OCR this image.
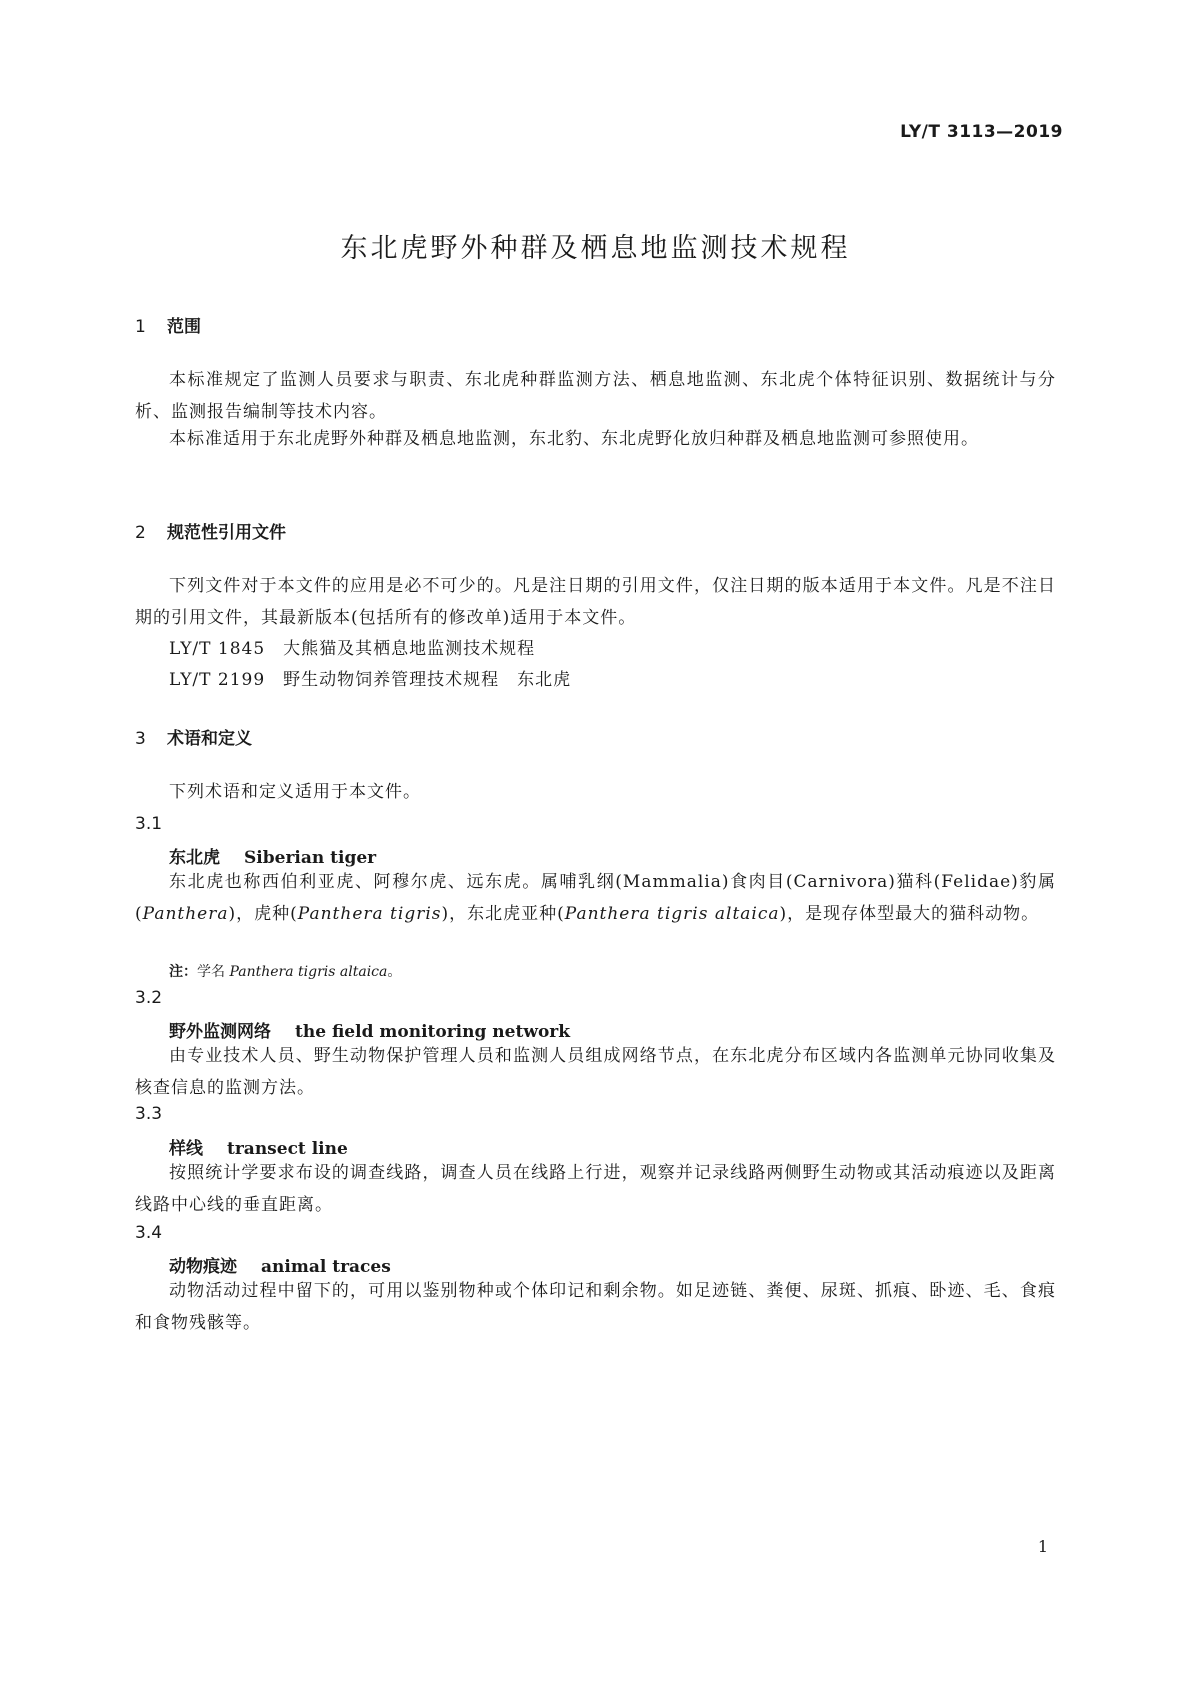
LY/T 3113—2019
东北虎野外种群及栖息地监测技术规程
1 范围

本标准规定了监测人员要求与职责、东北虎种群监测方法、栖息地监测、东北虎个体特征识别、数据统计与分析、监测报告编制等技术内容。

本标准适用于东北虎野外种群及栖息地监测，东北豹、东北虎野化放归种群及栖息地监测可参照使用。

2 规范性引用文件

下列文件对于本文件的应用是必不可少的。凡是注日期的引用文件，仅注日期的版本适用于本文件。凡是不注日期的引用文件，其最新版本(包括所有的修改单)适用于本文件。

LY/T 1845 大熊猫及其栖息地监测技术规程
LY/T 2199 野生动物饲养管理技术规程　东北虎
3 术语和定义

下列术语和定义适用于本文件。

3.1
东北虎 Siberian tiger

东北虎也称西伯利亚虎、阿穆尔虎、远东虎。属哺乳纲(Mammalia)食肉目(Carnivora)猫科(Felidae)豹属(Panthera)，虎种(Panthera tigris)，东北虎亚种(Panthera tigris altaica)，是现存体型最大的猫科动物。

注：学名 Panthera tigris altaica。
3.2
野外监测网络 the field monitoring network

由专业技术人员、野生动物保护管理人员和监测人员组成网络节点，在东北虎分布区域内各监测单元协同收集及核查信息的监测方法。

3.3
样线 transect line

按照统计学要求布设的调查线路，调查人员在线路上行进，观察并记录线路两侧野生动物或其活动痕迹以及距离线路中心线的垂直距离。

3.4
动物痕迹 animal traces

动物活动过程中留下的，可用以鉴别物种或个体印记和剩余物。如足迹链、粪便、尿斑、抓痕、卧迹、毛、食痕和食物残骸等。

1
